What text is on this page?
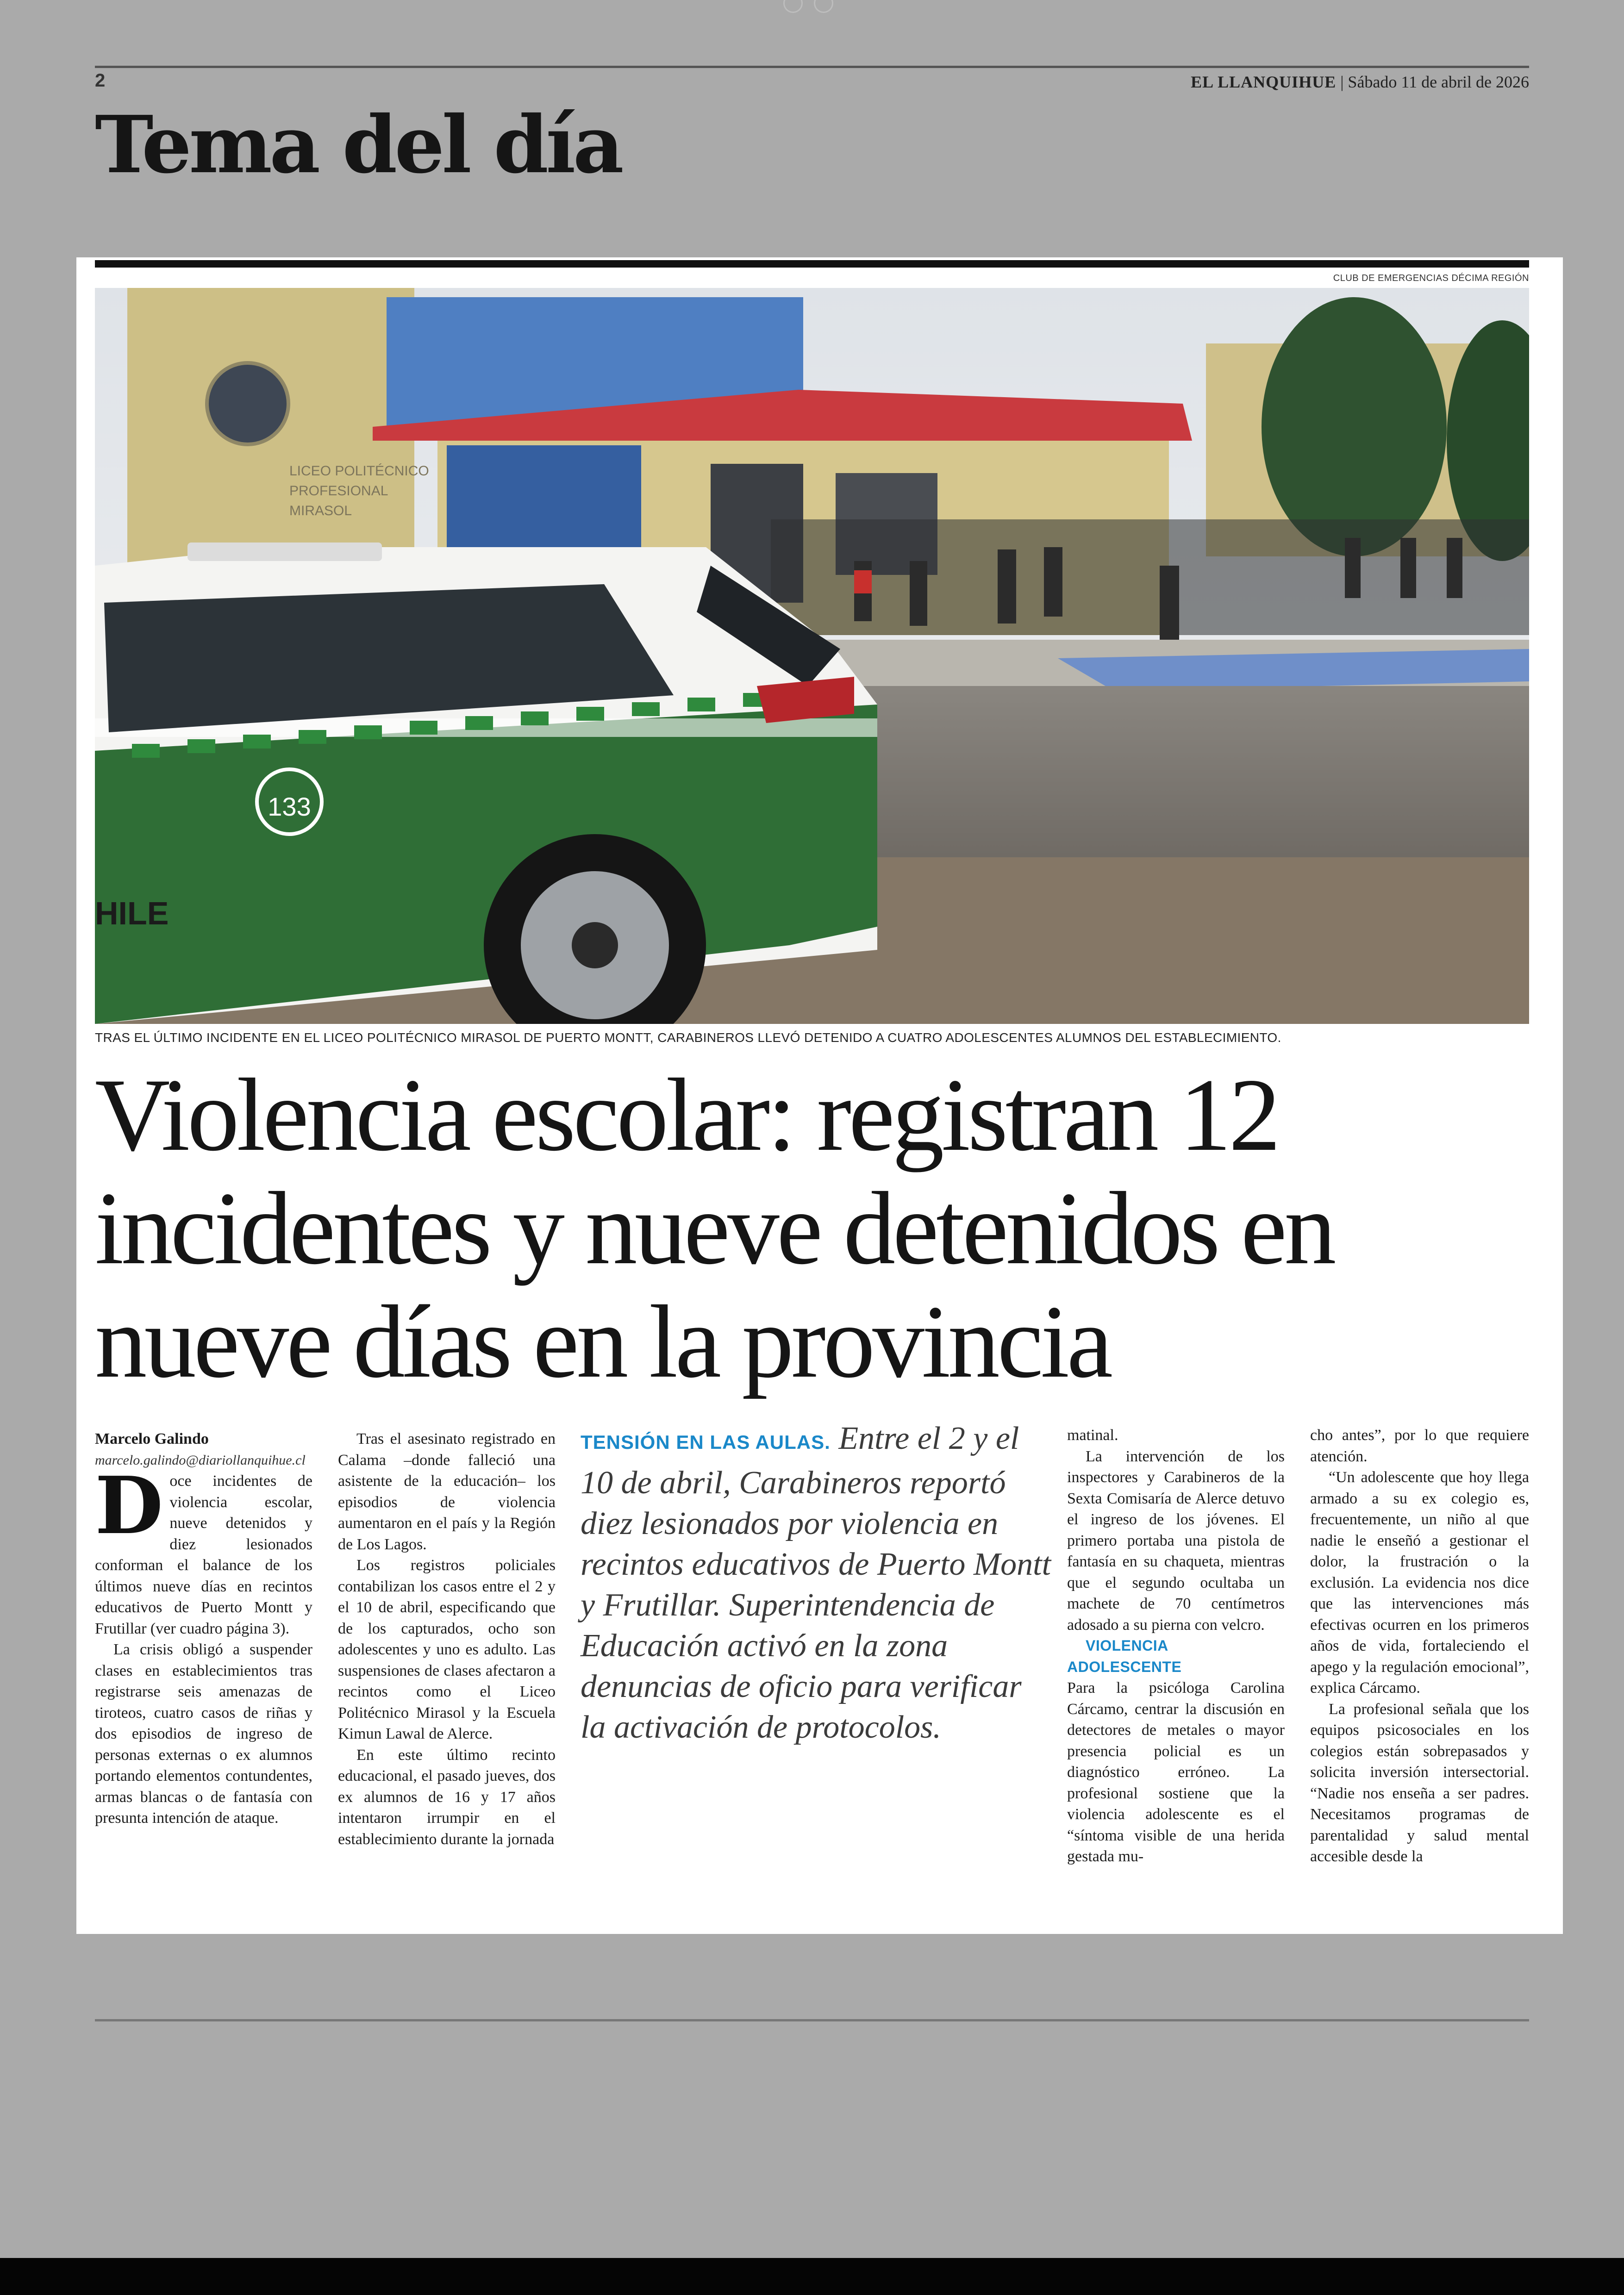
2	EL LLANQUIHUE | Sábado 11 de abril de 2026
Tema del día
CLUB DE EMERGENCIAS DÉCIMA REGIÓN
LICEO POLITÉCNICO
PROFESIONAL
MIRASOL
133
HILE
TRAS EL ÚLTIMO INCIDENTE EN EL LICEO POLITÉCNICO MIRASOL DE PUERTO MONTT, CARABINEROS LLEVÓ DETENIDO A CUATRO ADOLESCENTES ALUMNOS DEL ESTABLECIMIENTO.
Violencia escolar: registran 12 incidentes y nueve detenidos en nueve días en la provincia

Marcelo Galindo

marcelo.galindo@diariollanquihue.cl

Doce incidentes de violencia escolar, nueve detenidos y diez lesionados conforman el balance de los últimos nueve días en recintos educativos de Puerto Montt y Frutillar (ver cuadro página 3).

La crisis obligó a suspender clases en establecimientos tras registrarse seis amenazas de tiroteos, cuatro casos de riñas y dos episodios de ingreso de personas externas o ex alumnos portando elementos contundentes, armas blancas o de fantasía con presunta intención de ataque.

Tras el asesinato registrado en Calama –donde falleció una asistente de la educación– los episodios de violencia aumentaron en el país y la Región de Los Lagos.

Los registros policiales contabilizan los casos entre el 2 y el 10 de abril, especificando que de los capturados, ocho son adolescentes y uno es adulto. Las suspensiones de clases afectaron a recintos como el Liceo Politécnico Mirasol y la Escuela Kimun Lawal de Alerce.

En este último recinto educacional, el pasado jueves, dos ex alumnos de 16 y 17 años intentaron irrumpir en el establecimiento durante la jornada

TENSIÓN EN LAS AULAS. Entre el 2 y el 10 de abril, Carabineros reportó diez lesionados por violencia en recintos educativos de Puerto Montt y Frutillar. Superintendencia de Educación activó en la zona denuncias de oficio para verificar la activación de protocolos.

matinal.

La intervención de los inspectores y Carabineros de la Sexta Comisaría de Alerce detuvo el ingreso de los jóvenes. El primero portaba una pistola de fantasía en su chaqueta, mientras que el segundo ocultaba un machete de 70 centímetros adosado a su pierna con velcro.

VIOLENCIA ADOLESCENTE

Para la psicóloga Carolina Cárcamo, centrar la discusión en detectores de metales o mayor presencia policial es un diagnóstico erróneo. La profesional sostiene que la violencia adolescente es el “síntoma visible de una herida gestada mu-

cho antes”, por lo que requiere atención.

“Un adolescente que hoy llega armado a su ex colegio es, frecuentemente, un niño al que nadie le enseñó a gestionar el dolor, la frustración o la exclusión. La evidencia nos dice que las intervenciones más efectivas ocurren en los primeros años de vida, fortaleciendo el apego y la regulación emocional”, explica Cárcamo.

La profesional señala que los equipos psicosociales en los colegios están sobrepasados y solicita inversión intersectorial. “Nadie nos enseña a ser padres. Necesitamos programas de parentalidad y salud mental accesible desde la
